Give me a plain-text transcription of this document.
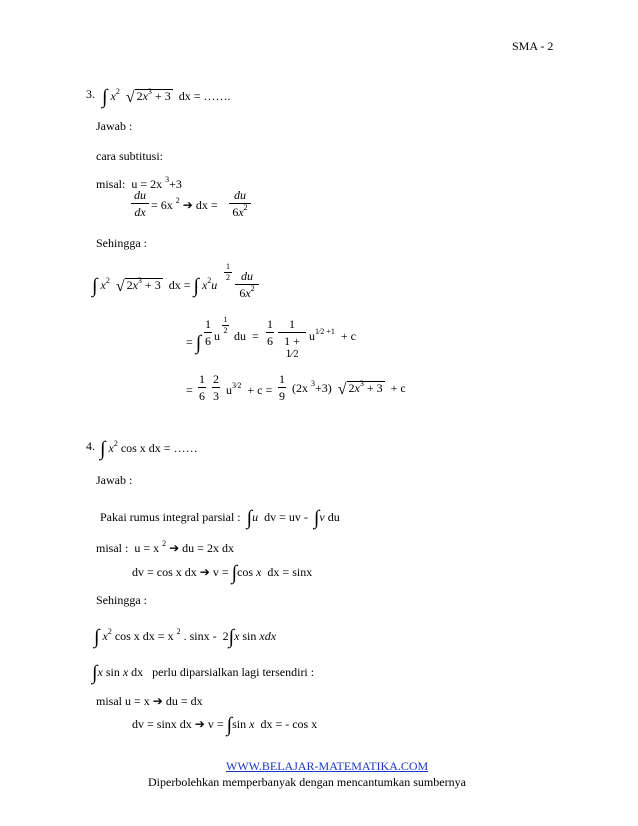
SMA - 2
3. ∫ $x^2$ √ $2x^3 + 3$  dx = …….
Jawab :
cara subtitusi:
misal:  u = 2x $^3$+3
du
dx = 6x $^2$ ➔ dx =
du
$6x^2$
Sehingga :
∫ $x^2$ √ $2x^3 + 3$  dx = ∫ $x^2u$
1
2 du
$6x^2$
= ∫
1
6 u
1
2 du  =
1
6
1
1 + 1⁄2
$u^{1⁄2 +1} + c$
=
1
6
2
3 $u^{3⁄2} + c$ =
1
9
(2x $^3$+3)  √ $2x^3 + 3 + c$
4. ∫ $x^2$ cos x dx = ……
Jawab :
Pakai rumus integral parsial :  ∫u  dv = uv -  ∫v du
misal :  u = x $^2$ ➔ du = 2x dx
dv = cos x dx ➔ v = ∫cos x  dx = sinx
Sehingga :
∫ $x^2$ cos x dx = x $^2$ . sinx -  2∫x sin xdx
∫x sin x dx   perlu diparsialkan lagi tersendiri :
misal u = x ➔ du = dx
dv = sinx dx ➔ v = ∫sin x  dx = - cos x
WWW.BELAJAR-MATEMATIKA.COM
Diperbolehkan memperbanyak dengan mencantumkan sumbernya
